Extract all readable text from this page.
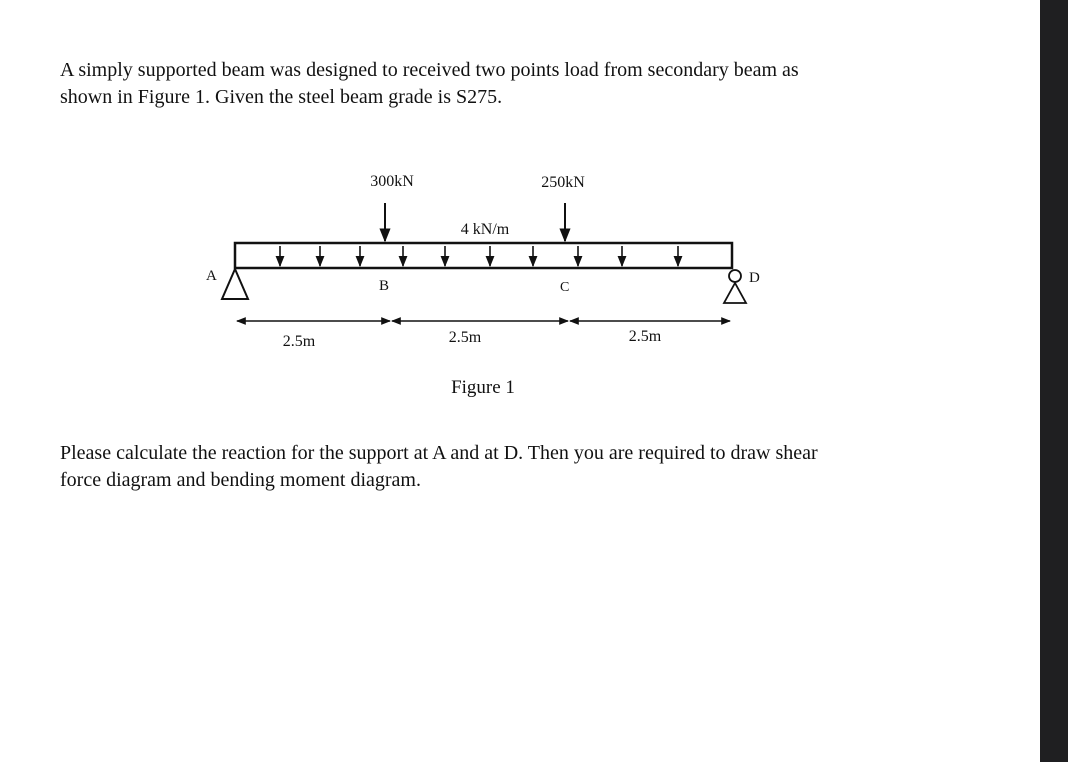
A simply supported beam was designed to received two points load from secondary beam as
shown in Figure 1. Given the steel beam grade is S275.

300kN	250kN
4 kN/m
A
B	C
D
2.5m	2.5m	2.5m
Figure 1

Please calculate the reaction for the support at A and at D. Then you are required to draw shear
force diagram and bending moment diagram.
